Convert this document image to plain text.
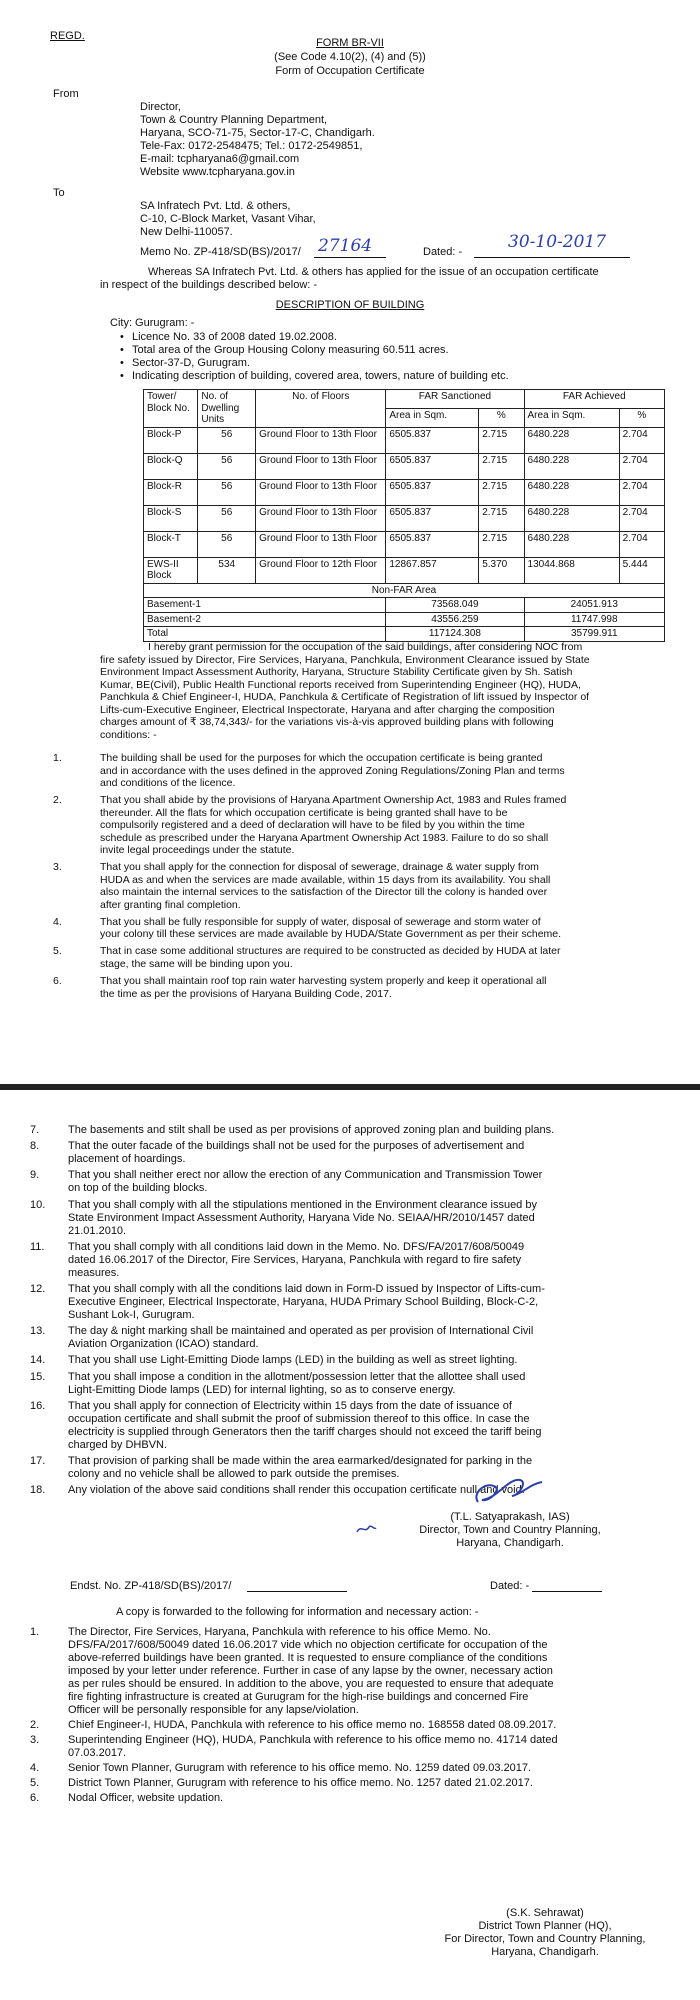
REGD.
FORM BR-VII
(See Code 4.10(2), (4) and (5))
Form of Occupation Certificate
From
Director,
Town & Country Planning Department,
Haryana, SCO-71-75, Sector-17-C, Chandigarh.
Tele-Fax: 0172-2548475; Tel.: 0172-2549851,
E-mail: tcpharyana6@gmail.com
Website www.tcpharyana.gov.in
To
SA Infratech Pvt. Ltd. & others,
C-10, C-Block Market, Vasant Vihar,
New Delhi-110057.
Memo No. ZP-418/SD(BS)/2017/ 27164	Dated: -	30-10-2017
Whereas SA Infratech Pvt. Ltd. & others has applied for the issue of an occupation certificate
in respect of the buildings described below: -
DESCRIPTION OF BUILDING
City: Gurugram: -
• Licence No. 33 of 2008 dated 19.02.2008.
• Total area of the Group Housing Colony measuring 60.511 acres.
• Sector-37-D, Gurugram.
• Indicating description of building, covered area, towers, nature of building etc.
Tower/ Block No.	No. of Dwelling Units	No. of Floors	FAR Sanctioned		FAR Achieved	
			Area in Sqm.	%	Area in Sqm.	%
Block-P	56	Ground Floor to 13th Floor	6505.837	2.715	6480.228	2.704
Block-Q	56	Ground Floor to 13th Floor	6505.837	2.715	6480.228	2.704
Block-R	56	Ground Floor to 13th Floor	6505.837	2.715	6480.228	2.704
Block-S	56	Ground Floor to 13th Floor	6505.837	2.715	6480.228	2.704
Block-T	56	Ground Floor to 13th Floor	6505.837	2.715	6480.228	2.704
EWS-II Block	534	Ground Floor to 12th Floor	12867.857	5.370	13044.868	5.444
Non-FAR Area						
Basement-1			73568.049		24051.913	
Basement-2			43556.259		11747.998	
Total			117124.308		35799.911	
I hereby grant permission for the occupation of the said buildings, after considering NOC from
fire safety issued by Director, Fire Services, Haryana, Panchkula, Environment Clearance issued by State
Environment Impact Assessment Authority, Haryana, Structure Stability Certificate given by Sh. Satish
Kumar, BE(Civil), Public Health Functional reports received from Superintending Engineer (HQ), HUDA,
Panchkula & Chief Engineer-I, HUDA, Panchkula & Certificate of Registration of lift issued by Inspector of
Lifts-cum-Executive Engineer, Electrical Inspectorate, Haryana and after charging the composition
charges amount of ₹ 38,74,343/- for the variations vis-à-vis approved building plans with following
conditions: -
1.	The building shall be used for the purposes for which the occupation certificate is being granted
and in accordance with the uses defined in the approved Zoning Regulations/Zoning Plan and terms
and conditions of the licence.
2.	That you shall abide by the provisions of Haryana Apartment Ownership Act, 1983 and Rules framed
thereunder. All the flats for which occupation certificate is being granted shall have to be
compulsorily registered and a deed of declaration will have to be filed by you within the time
schedule as prescribed under the Haryana Apartment Ownership Act 1983. Failure to do so shall
invite legal proceedings under the statute.
3.	That you shall apply for the connection for disposal of sewerage, drainage & water supply from
HUDA as and when the services are made available, within 15 days from its availability. You shall
also maintain the internal services to the satisfaction of the Director till the colony is handed over
after granting final completion.
4.	That you shall be fully responsible for supply of water, disposal of sewerage and storm water of
your colony till these services are made available by HUDA/State Government as per their scheme.
5.	That in case some additional structures are required to be constructed as decided by HUDA at later
stage, the same will be binding upon you.
6.	That you shall maintain roof top rain water harvesting system properly and keep it operational all
the time as per the provisions of Haryana Building Code, 2017.
7.	The basements and stilt shall be used as per provisions of approved zoning plan and building plans.
8.	That the outer facade of the buildings shall not be used for the purposes of advertisement and
placement of hoardings.
9.	That you shall neither erect nor allow the erection of any Communication and Transmission Tower
on top of the building blocks.
10. That you shall comply with all the stipulations mentioned in the Environment clearance issued by
State Environment Impact Assessment Authority, Haryana Vide No. SEIAA/HR/2010/1457 dated
21.01.2010.
11. That you shall comply with all conditions laid down in the Memo. No. DFS/FA/2017/608/50049
dated 16.06.2017 of the Director, Fire Services, Haryana, Panchkula with regard to fire safety
measures.
12. That you shall comply with all the conditions laid down in Form-D issued by Inspector of Lifts-cum-
Executive Engineer, Electrical Inspectorate, Haryana, HUDA Primary School Building, Block-C-2,
Sushant Lok-I, Gurugram.
13. The day & night marking shall be maintained and operated as per provision of International Civil
Aviation Organization (ICAO) standard.
14. That you shall use Light-Emitting Diode lamps (LED) in the building as well as street lighting.
15. That you shall impose a condition in the allotment/possession letter that the allottee shall used
Light-Emitting Diode lamps (LED) for internal lighting, so as to conserve energy.
16. That you shall apply for connection of Electricity within 15 days from the date of issuance of
occupation certificate and shall submit the proof of submission thereof to this office. In case the
electricity is supplied through Generators then the tariff charges should not exceed the tariff being
charged by DHBVN.
17. That provision of parking shall be made within the area earmarked/designated for parking in the
colony and no vehicle shall be allowed to park outside the premises.
18. Any violation of the above said conditions shall render this occupation certificate null and void.
(T.L. Satyaprakash, IAS)
Director, Town and Country Planning,
Haryana, Chandigarh.
Endst. No. ZP-418/SD(BS)/2017/	Dated: -
A copy is forwarded to the following for information and necessary action: -
1.	The Director, Fire Services, Haryana, Panchkula with reference to his office Memo. No.
DFS/FA/2017/608/50049 dated 16.06.2017 vide which no objection certificate for occupation of the
above-referred buildings have been granted. It is requested to ensure compliance of the conditions
imposed by your letter under reference. Further in case of any lapse by the owner, necessary action
as per rules should be ensured. In addition to the above, you are requested to ensure that adequate
fire fighting infrastructure is created at Gurugram for the high-rise buildings and concerned Fire
Officer will be personally responsible for any lapse/violation.
2.	Chief Engineer-I, HUDA, Panchkula with reference to his office memo no. 168558 dated 08.09.2017.
3.	Superintending Engineer (HQ), HUDA, Panchkula with reference to his office memo no. 41714 dated
07.03.2017.
4.	Senior Town Planner, Gurugram with reference to his office memo. No. 1259 dated 09.03.2017.
5.	District Town Planner, Gurugram with reference to his office memo. No. 1257 dated 21.02.2017.
6.	Nodal Officer, website updation.
(S.K. Sehrawat)
District Town Planner (HQ),
For Director, Town and Country Planning,
Haryana, Chandigarh.
